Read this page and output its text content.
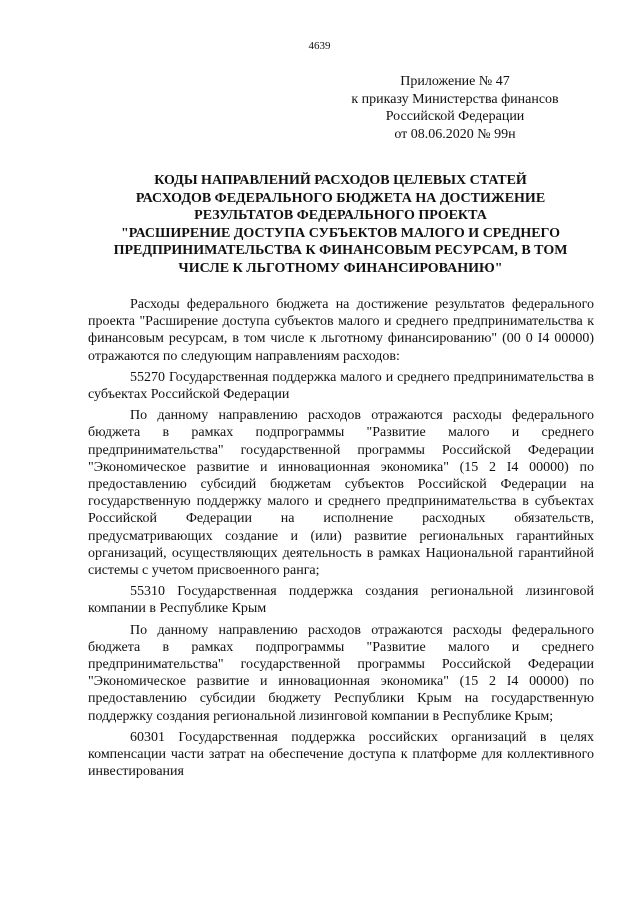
4639
Приложение № 47
к приказу Министерства финансов
Российской Федерации
от 08.06.2020 № 99н
КОДЫ НАПРАВЛЕНИЙ РАСХОДОВ ЦЕЛЕВЫХ СТАТЕЙ
РАСХОДОВ ФЕДЕРАЛЬНОГО БЮДЖЕТА НА ДОСТИЖЕНИЕ
РЕЗУЛЬТАТОВ ФЕДЕРАЛЬНОГО ПРОЕКТА
"РАСШИРЕНИЕ ДОСТУПА СУБЪЕКТОВ МАЛОГО И СРЕДНЕГО
ПРЕДПРИНИМАТЕЛЬСТВА К ФИНАНСОВЫМ РЕСУРСАМ, В ТОМ
ЧИСЛЕ К ЛЬГОТНОМУ ФИНАНСИРОВАНИЮ"

Расходы федерального бюджета на достижение результатов федерального проекта "Расширение доступа субъектов малого и среднего предпринимательства к финансовым ресурсам, в том числе к льготному финансированию" (00 0 I4 00000) отражаются по следующим направлениям расходов:

55270 Государственная поддержка малого и среднего предпринимательства в субъектах Российской Федерации

По данному направлению расходов отражаются расходы федерального бюджета в рамках подпрограммы "Развитие малого и среднего предпринимательства" государственной программы Российской Федерации "Экономическое развитие и инновационная экономика" (15 2 I4 00000) по предоставлению субсидий бюджетам субъектов Российской Федерации на государственную поддержку малого и среднего предпринимательства в субъектах Российской Федерации на исполнение расходных обязательств, предусматривающих создание и (или) развитие региональных гарантийных организаций, осуществляющих деятельность в рамках Национальной гарантийной системы с учетом присвоенного ранга;

55310 Государственная поддержка создания региональной лизинговой компании в Республике Крым

По данному направлению расходов отражаются расходы федерального бюджета в рамках подпрограммы "Развитие малого и среднего предпринимательства" государственной программы Российской Федерации "Экономическое развитие и инновационная экономика" (15 2 I4 00000) по предоставлению субсидии бюджету Республики Крым на государственную поддержку создания региональной лизинговой компании в Республике Крым;

60301 Государственная поддержка российских организаций в целях компенсации части затрат на обеспечение доступа к платформе для коллективного инвестирования
